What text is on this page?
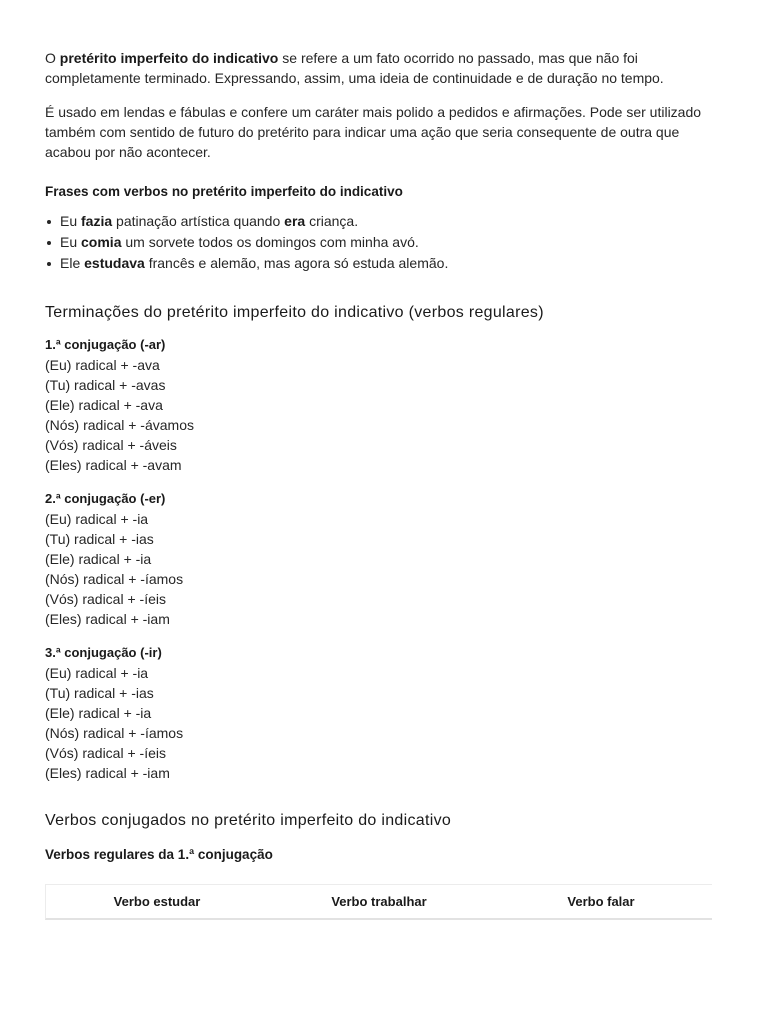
O pretérito imperfeito do indicativo se refere a um fato ocorrido no passado, mas que não foi completamente terminado. Expressando, assim, uma ideia de continuidade e de duração no tempo.

É usado em lendas e fábulas e confere um caráter mais polido a pedidos e afirmações. Pode ser utilizado também com sentido de futuro do pretérito para indicar uma ação que seria consequente de outra que acabou por não acontecer.

Frases com verbos no pretérito imperfeito do indicativo
Eu fazia patinação artística quando era criança.
Eu comia um sorvete todos os domingos com minha avó.
Ele estudava francês e alemão, mas agora só estuda alemão.
Terminações do pretérito imperfeito do indicativo (verbos regulares)
1.ª conjugação (-ar)
(Eu) radical + -ava
(Tu) radical + -avas
(Ele) radical + -ava
(Nós) radical + -ávamos
(Vós) radical + -áveis
(Eles) radical + -avam
2.ª conjugação (-er)
(Eu) radical + -ia
(Tu) radical + -ias
(Ele) radical + -ia
(Nós) radical + -íamos
(Vós) radical + -íeis
(Eles) radical + -iam
3.ª conjugação (-ir)
(Eu) radical + -ia
(Tu) radical + -ias
(Ele) radical + -ia
(Nós) radical + -íamos
(Vós) radical + -íeis
(Eles) radical + -iam
Verbos conjugados no pretérito imperfeito do indicativo
Verbos regulares da 1.ª conjugação
Verbo estudar	Verbo trabalhar	Verbo falar
